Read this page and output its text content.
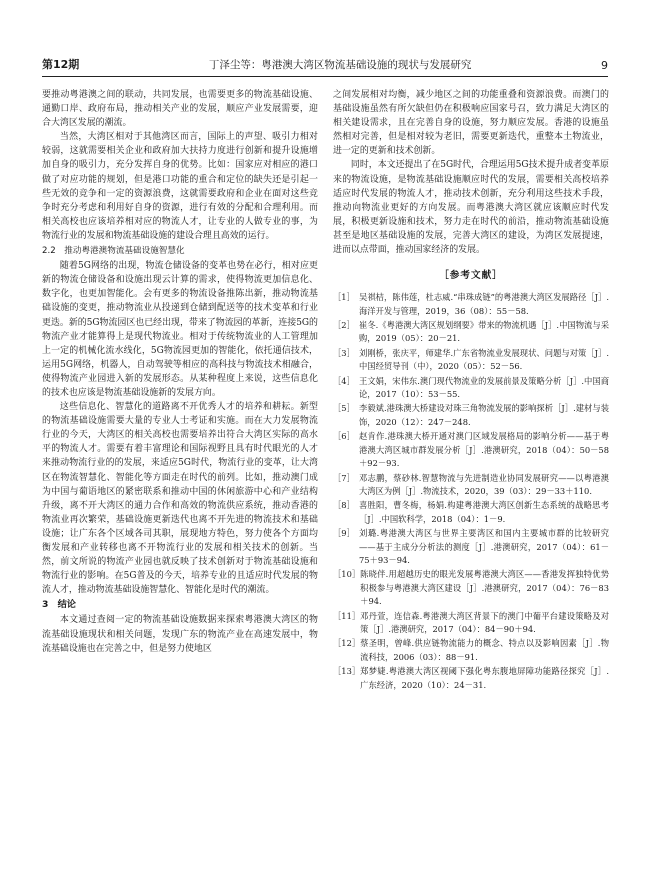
第12期	丁泽尘等：粤港澳大湾区物流基础设施的现状与发展研究	9

要推动粤港澳之间的联动，共同发展，也需要更多的物流基础设施、通勤口岸、政府布局，推动相关产业的发展，顺应产业发展需要，迎合大湾区发展的潮流。

当然，大湾区相对于其他湾区而言，国际上的声望、吸引力相对较弱，这就需要相关企业和政府加大扶持力度进行创新和提升设施增加自身的吸引力，充分发挥自身的优势。比如：国家应对相应的港口做了对应功能的规划，但是港口功能的重合和定位的缺失还是引起一些无效的竞争和一定的资源浪费，这就需要政府和企业在面对这些竞争时充分考虑和利用好自身的资源，进行有效的分配和合理利用。而相关高校也应该培养相对应的物流人才，让专业的人做专业的事，为物流行业的发展和物流基础设施的建设合理且高效的运行。

2.2　推动粤港澳物流基础设施智慧化

随着5G网络的出现，物流仓储设备的变革也势在必行，相对应更新的物流仓储设备和设施出现云计算的需求，使得物流更加信息化、数字化，也更加智能化。会有更多的物流设备推陈出新，推动物流基础设施的变更，推动物流业从投递到仓储到配送等的技术变革和行业更迭。新的5G物流园区也已经出现，带来了物流园的革新，连接5G的物流产业才能算得上是现代物流业。相对于传统物流业的人工管理加上一定的机械化流水线化，5G物流园更加的智能化，依托通信技术，运用5G网络，机器人，自动驾驶等相应的高科技与物流技术相融合，使得物流产业园进入新的发展形态。从某种程度上来说，这些信息化的技术也应该是物流基础设施新的发展方向。

这些信息化、智慧化的道路离不开优秀人才的培养和耕耘。新型的物流基础设施需要大量的专业人士考证和实施。而在大力发展物流行业的今天，大湾区的相关高校也需要培养出符合大湾区实际的高水平的物流人才。需要有着丰富理论和国际视野且具有时代眼光的人才来推动物流行业的的发展，来适应5G时代，物流行业的变革，让大湾区在物流智慧化、智能化等方面走在时代的前列。比如，推动澳门成为中国与葡语地区的紧密联系和推动中国的休闲旅游中心和产业结构升级，离不开大湾区的通力合作和高效的物流供应系统，推动香港的物流业再次繁荣，基础设施更新迭代也离不开先进的物流技术和基础设施；让广东各个区域各司其职，展现地方特色，努力使各个方面均衡发展和产业转移也离不开物流行业的发展和相关技术的创新。当然，前文所说的物流产业园也就反映了技术创新对于物流基础设施和物流行业的影响。在5G普及的今天，培养专业的且适应时代发展的物流人才，推动物流基础设施智慧化、智能化是时代的潮流。

3　结论

本文通过查阅一定的物流基础设施数据来探索粤港澳大湾区的物流基础设施现状和相关问题，发现广东的物流产业在高速发展中，物流基础设施也在完善之中，但是努力使地区

之间发展相对均衡，减少地区之间的功能重叠和资源浪费。而澳门的基础设施虽然有所欠缺但仍在积极响应国家号召，致力满足大湾区的相关建设需求，且在完善自身的设施，努力顺应发展。香港的设施虽然相对完善，但是相对较为老旧，需要更新迭代，重整本土物流业，进一定的更新和技术创新。

同时，本文还提出了在5G时代，合理运用5G技术提升成者变革原来的物流设施，是物流基础设施顺应时代的发展，需要相关高校培养适应时代发展的物流人才，推动技术创新，充分利用这些技术手段，推动向物流业更好的方向发展。而粤港澳大湾区就应该顺应时代发展，积极更新设施和技术，努力走在时代的前沿，推动物流基础设施甚至是地区基础设施的发展，完善大湾区的建设，为湾区发展提速，进而以点带面，推动国家经济的发展。

［参考文献］
［1］ 吴祺桔，陈伟莲，杜志威.“串珠成链”的粤港澳大湾区发展路径［J］.海洋开发与管理，2019，36（08）：55－58.
［2］ 崔冬.《粤港澳大湾区规划纲要》带来的物流机遇［J］.中国物流与采购，2019（05）：20－21.
［3］ 刘刚桥，张庆平，师建华.广东省物流业发展现状、问题与对策［J］.中国经贸导刊（中），2020（05）：52－56.
［4］ 王文娟，宋伟东.澳门现代物流业的发展前景及策略分析［J］.中国商论，2017（10）：53－55.
［5］ 李毅斌.港珠澳大桥建设对珠三角物流发展的影响探析［J］.建材与装饰，2020（12）：247－248.
［6］ 赵肯作.港珠澳大桥开通对澳门区域发展格局的影响分析——基于粤港澳大湾区城市群发展分析［J］.港澳研究，2018（04）：50－58＋92－93.
［7］ 邓志鹏，蔡砂林.智慧物流与先进制造业协同发展研究——以粤港澳大湾区为例［J］.物流技术，2020，39（03）：29－33＋110.
［8］ 喜胜阳，曹冬梅，杨娟.构建粤港澳大湾区创新生态系统的战略思考［J］.中国软科学，2018（04）：1－9.
［9］ 刘璐.粤港澳大湾区与世界主要湾区和国内主要城市群的比较研究——基于主成分分析法的测度［J］.港澳研究，2017（04）：61－75＋93－94.
［10］ 陈晓伴.用超越历史的眼光发展粤港澳大湾区——香港发挥独特优势积极参与粤港澳大湾区建设［J］.港澳研究，2017（04）：76－83＋94.
［11］ 邓丹萱，连信森.粤港澳大湾区背景下的澳门中葡平台建设策略及对策［J］.港澳研究，2017（04）：84－90＋94.
［12］ 蔡圣明，曾峰.供应链物流能力的概念、特点以及影响因素［J］.物流科技，2006（03）：88－91.
［13］ 郑梦婕.粤港澳大湾区视阈下强化粤东腹地屏障功能路径探究［J］.广东经济，2020（10）：24－31.
